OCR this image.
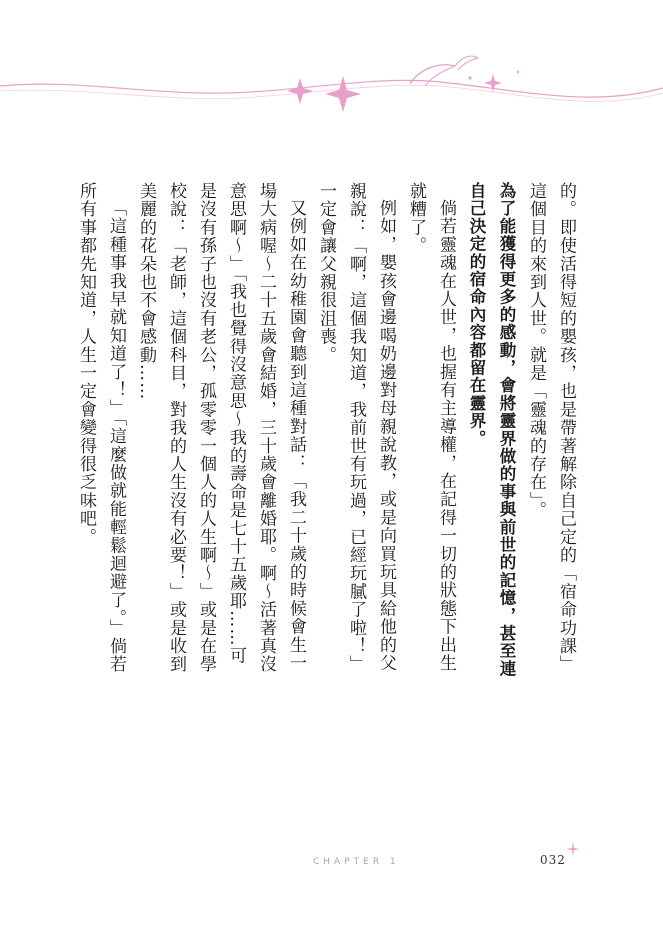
的。即使活得短的嬰孩，也是帶著解除自己定的「宿命功課」這個目的來到人世。就是「靈魂的存在」。

為了能獲得更多的感動，會將靈界做的事與前世的記憶，甚至連自己決定的宿命內容都留在靈界。

倘若靈魂在人世，也握有主導權，在記得一切的狀態下出生就糟了。

例如，嬰孩會邊喝奶邊對母親說教，或是向買玩具給他的父親說：「啊，這個我知道，我前世有玩過，已經玩膩了啦！」一定會讓父親很沮喪。

又例如在幼稚園會聽到這種對話：「我二十歲的時候會生一場大病喔～二十五歲會結婚，三十歲會離婚耶。啊～活著真沒意思啊～」「我也覺得沒意思～我的壽命是七十五歲耶……可是沒有孫子也沒有老公，孤零零一個人的人生啊～」或是在學校說：「老師，這個科目，對我的人生沒有必要！」或是收到美麗的花朵也不會感動……

「這種事我早就知道了！」「這麼做就能輕鬆迴避了。」倘若所有事都先知道，人生一定會變得很乏味吧。

CHAPTER 1	032
